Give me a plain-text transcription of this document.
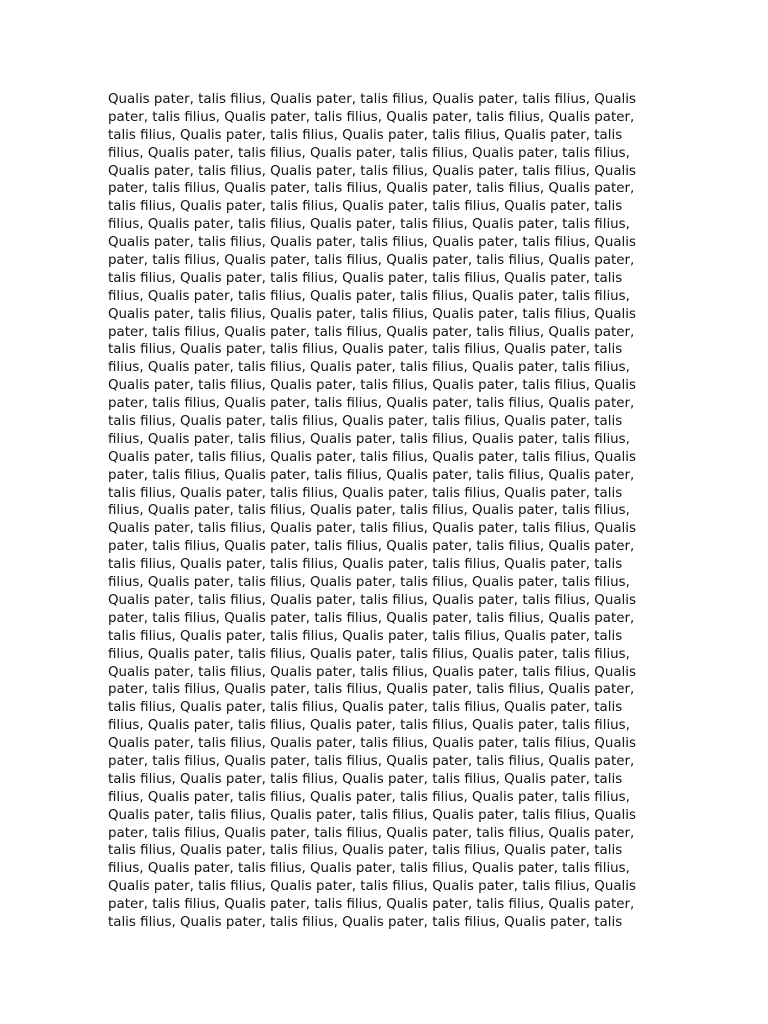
Qualis pater, talis filius, Qualis pater, talis filius, Qualis pater, talis filius, Qualis
pater, talis filius, Qualis pater, talis filius, Qualis pater, talis filius, Qualis pater,
talis filius, Qualis pater, talis filius, Qualis pater, talis filius, Qualis pater, talis
filius, Qualis pater, talis filius, Qualis pater, talis filius, Qualis pater, talis filius,
Qualis pater, talis filius, Qualis pater, talis filius, Qualis pater, talis filius, Qualis
pater, talis filius, Qualis pater, talis filius, Qualis pater, talis filius, Qualis pater,
talis filius, Qualis pater, talis filius, Qualis pater, talis filius, Qualis pater, talis
filius, Qualis pater, talis filius, Qualis pater, talis filius, Qualis pater, talis filius,
Qualis pater, talis filius, Qualis pater, talis filius, Qualis pater, talis filius, Qualis
pater, talis filius, Qualis pater, talis filius, Qualis pater, talis filius, Qualis pater,
talis filius, Qualis pater, talis filius, Qualis pater, talis filius, Qualis pater, talis
filius, Qualis pater, talis filius, Qualis pater, talis filius, Qualis pater, talis filius,
Qualis pater, talis filius, Qualis pater, talis filius, Qualis pater, talis filius, Qualis
pater, talis filius, Qualis pater, talis filius, Qualis pater, talis filius, Qualis pater,
talis filius, Qualis pater, talis filius, Qualis pater, talis filius, Qualis pater, talis
filius, Qualis pater, talis filius, Qualis pater, talis filius, Qualis pater, talis filius,
Qualis pater, talis filius, Qualis pater, talis filius, Qualis pater, talis filius, Qualis
pater, talis filius, Qualis pater, talis filius, Qualis pater, talis filius, Qualis pater,
talis filius, Qualis pater, talis filius, Qualis pater, talis filius, Qualis pater, talis
filius, Qualis pater, talis filius, Qualis pater, talis filius, Qualis pater, talis filius,
Qualis pater, talis filius, Qualis pater, talis filius, Qualis pater, talis filius, Qualis
pater, talis filius, Qualis pater, talis filius, Qualis pater, talis filius, Qualis pater,
talis filius, Qualis pater, talis filius, Qualis pater, talis filius, Qualis pater, talis
filius, Qualis pater, talis filius, Qualis pater, talis filius, Qualis pater, talis filius,
Qualis pater, talis filius, Qualis pater, talis filius, Qualis pater, talis filius, Qualis
pater, talis filius, Qualis pater, talis filius, Qualis pater, talis filius, Qualis pater,
talis filius, Qualis pater, talis filius, Qualis pater, talis filius, Qualis pater, talis
filius, Qualis pater, talis filius, Qualis pater, talis filius, Qualis pater, talis filius,
Qualis pater, talis filius, Qualis pater, talis filius, Qualis pater, talis filius, Qualis
pater, talis filius, Qualis pater, talis filius, Qualis pater, talis filius, Qualis pater,
talis filius, Qualis pater, talis filius, Qualis pater, talis filius, Qualis pater, talis
filius, Qualis pater, talis filius, Qualis pater, talis filius, Qualis pater, talis filius,
Qualis pater, talis filius, Qualis pater, talis filius, Qualis pater, talis filius, Qualis
pater, talis filius, Qualis pater, talis filius, Qualis pater, talis filius, Qualis pater,
talis filius, Qualis pater, talis filius, Qualis pater, talis filius, Qualis pater, talis
filius, Qualis pater, talis filius, Qualis pater, talis filius, Qualis pater, talis filius,
Qualis pater, talis filius, Qualis pater, talis filius, Qualis pater, talis filius, Qualis
pater, talis filius, Qualis pater, talis filius, Qualis pater, talis filius, Qualis pater,
talis filius, Qualis pater, talis filius, Qualis pater, talis filius, Qualis pater, talis
filius, Qualis pater, talis filius, Qualis pater, talis filius, Qualis pater, talis filius,
Qualis pater, talis filius, Qualis pater, talis filius, Qualis pater, talis filius, Qualis
pater, talis filius, Qualis pater, talis filius, Qualis pater, talis filius, Qualis pater,
talis filius, Qualis pater, talis filius, Qualis pater, talis filius, Qualis pater, talis
filius, Qualis pater, talis filius, Qualis pater, talis filius, Qualis pater, talis filius,
Qualis pater, talis filius, Qualis pater, talis filius, Qualis pater, talis filius, Qualis
pater, talis filius, Qualis pater, talis filius, Qualis pater, talis filius, Qualis pater,
talis filius, Qualis pater, talis filius, Qualis pater, talis filius, Qualis pater, talis
